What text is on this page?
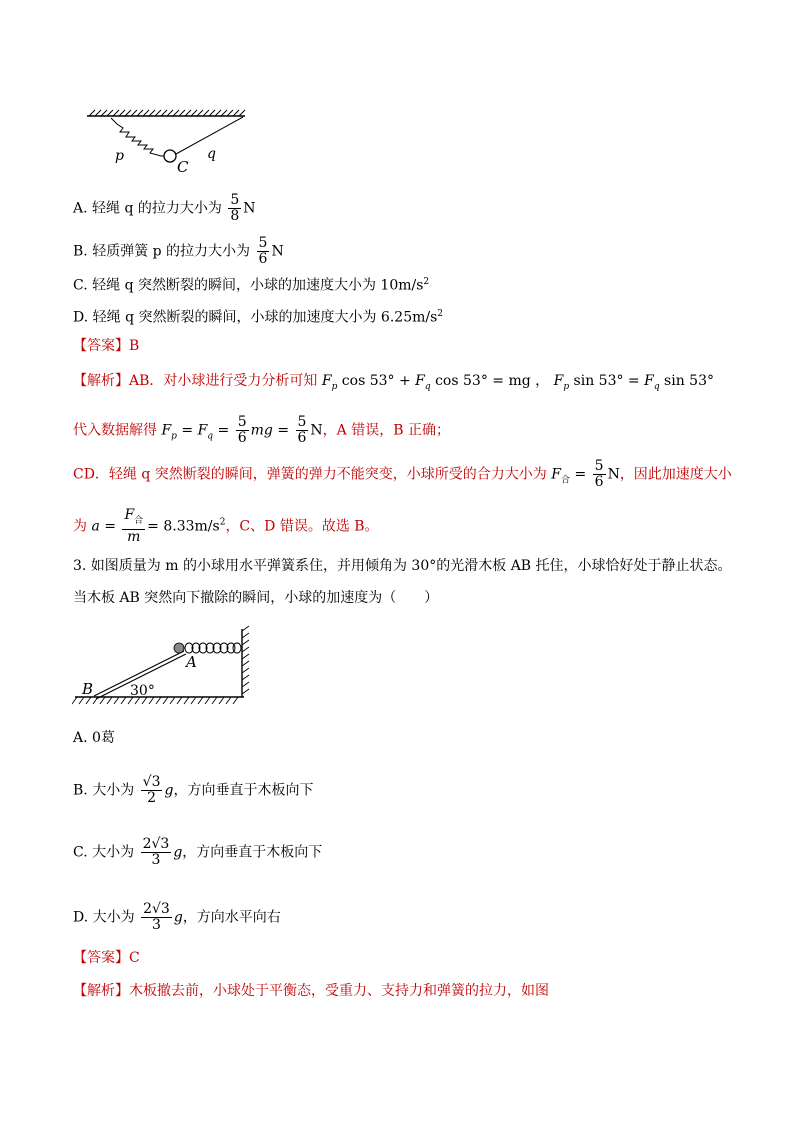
p
C
q
A. 轻绳 q 的拉力大小为 $\frac{5}{8}$ N
B. 轻质弹簧 p 的拉力大小为 $\frac{5}{6}$ N
C. 轻绳 q 突然断裂的瞬间，小球的加速度大小为 $10m/s^2$
D. 轻绳 q 突然断裂的瞬间，小球的加速度大小为 $6.25m/s^2$
【答案】B
【解析】AB．对小球进行受力分析可知 $F_p$ $\cos 53^\circ + F_q$ cos 53° = mg ， $F_p$ $\sin 53^\circ = F_q$ sin 53°
代入数据解得 $F_p = F_q = \frac{5}{6}$ mg = $\frac{5}{6}$ N，A 错误，B 正确；
CD．轻绳 q 突然断裂的瞬间，弹簧的弹力不能突变，小球所受的合力大小为 $F_合 = \frac{5}{6}$ N，因此加速度大小
为 $a = \frac{F_合}{m} = 8.33m/s^2$，C、D 错误。故选 B。
3. 如图质量为 m 的小球用水平弹簧系住，并用倾角为 30°的光滑木板 AB 托住，小球恰好处于静止状态。
当木板 AB 突然向下撤除的瞬间，小球的加速度为（　　）
A
B	30°
A. 0葛
B. 大小为 $\frac{√3}{2}$ g，方向垂直于木板向下
C. 大小为 $\frac{2√3}{3}$ g，方向垂直于木板向下
D. 大小为 $\frac{2√3}{3}$ g，方向水平向右
【答案】C
【解析】木板撤去前，小球处于平衡态，受重力、支持力和弹簧的拉力，如图
